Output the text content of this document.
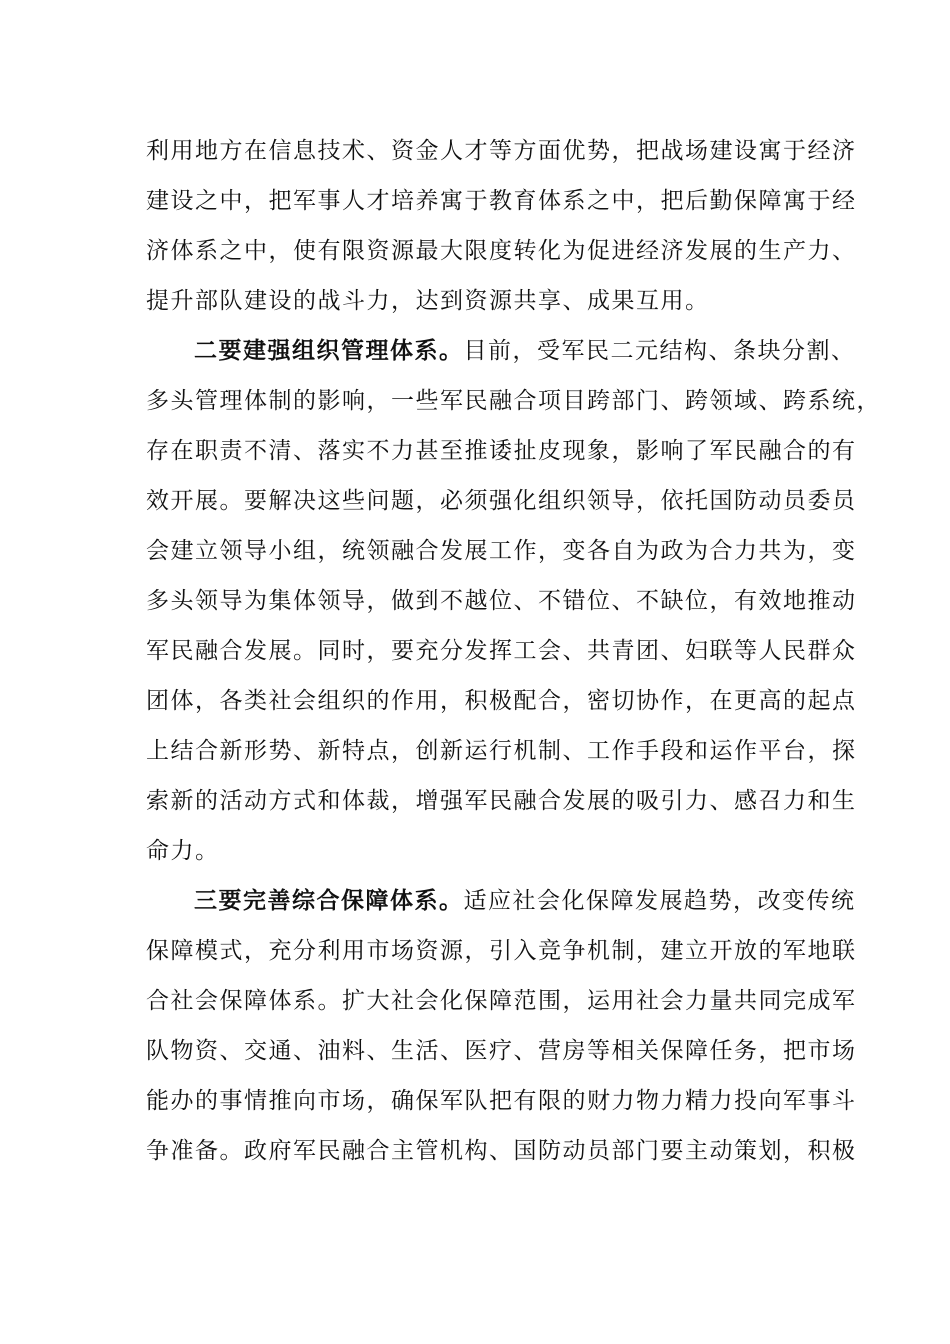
利用地方在信息技术、资金人才等方面优势，把战场建设寓于经济
建设之中，把军事人才培养寓于教育体系之中，把后勤保障寓于经
济体系之中，使有限资源最大限度转化为促进经济发展的生产力、
提升部队建设的战斗力，达到资源共享、成果互用。
二要建强组织管理体系。目前，受军民二元结构、条块分割、
多头管理体制的影响，一些军民融合项目跨部门、跨领域、跨系统，
存在职责不清、落实不力甚至推诿扯皮现象，影响了军民融合的有
效开展。要解决这些问题，必须强化组织领导，依托国防动员委员
会建立领导小组，统领融合发展工作，变各自为政为合力共为，变
多头领导为集体领导，做到不越位、不错位、不缺位，有效地推动
军民融合发展。同时，要充分发挥工会、共青团、妇联等人民群众
团体，各类社会组织的作用，积极配合，密切协作，在更高的起点
上结合新形势、新特点，创新运行机制、工作手段和运作平台，探
索新的活动方式和体裁，增强军民融合发展的吸引力、感召力和生
命力。
三要完善综合保障体系。适应社会化保障发展趋势，改变传统
保障模式，充分利用市场资源，引入竞争机制，建立开放的军地联
合社会保障体系。扩大社会化保障范围，运用社会力量共同完成军
队物资、交通、油料、生活、医疗、营房等相关保障任务，把市场
能办的事情推向市场，确保军队把有限的财力物力精力投向军事斗
争准备。政府军民融合主管机构、国防动员部门要主动策划，积极
